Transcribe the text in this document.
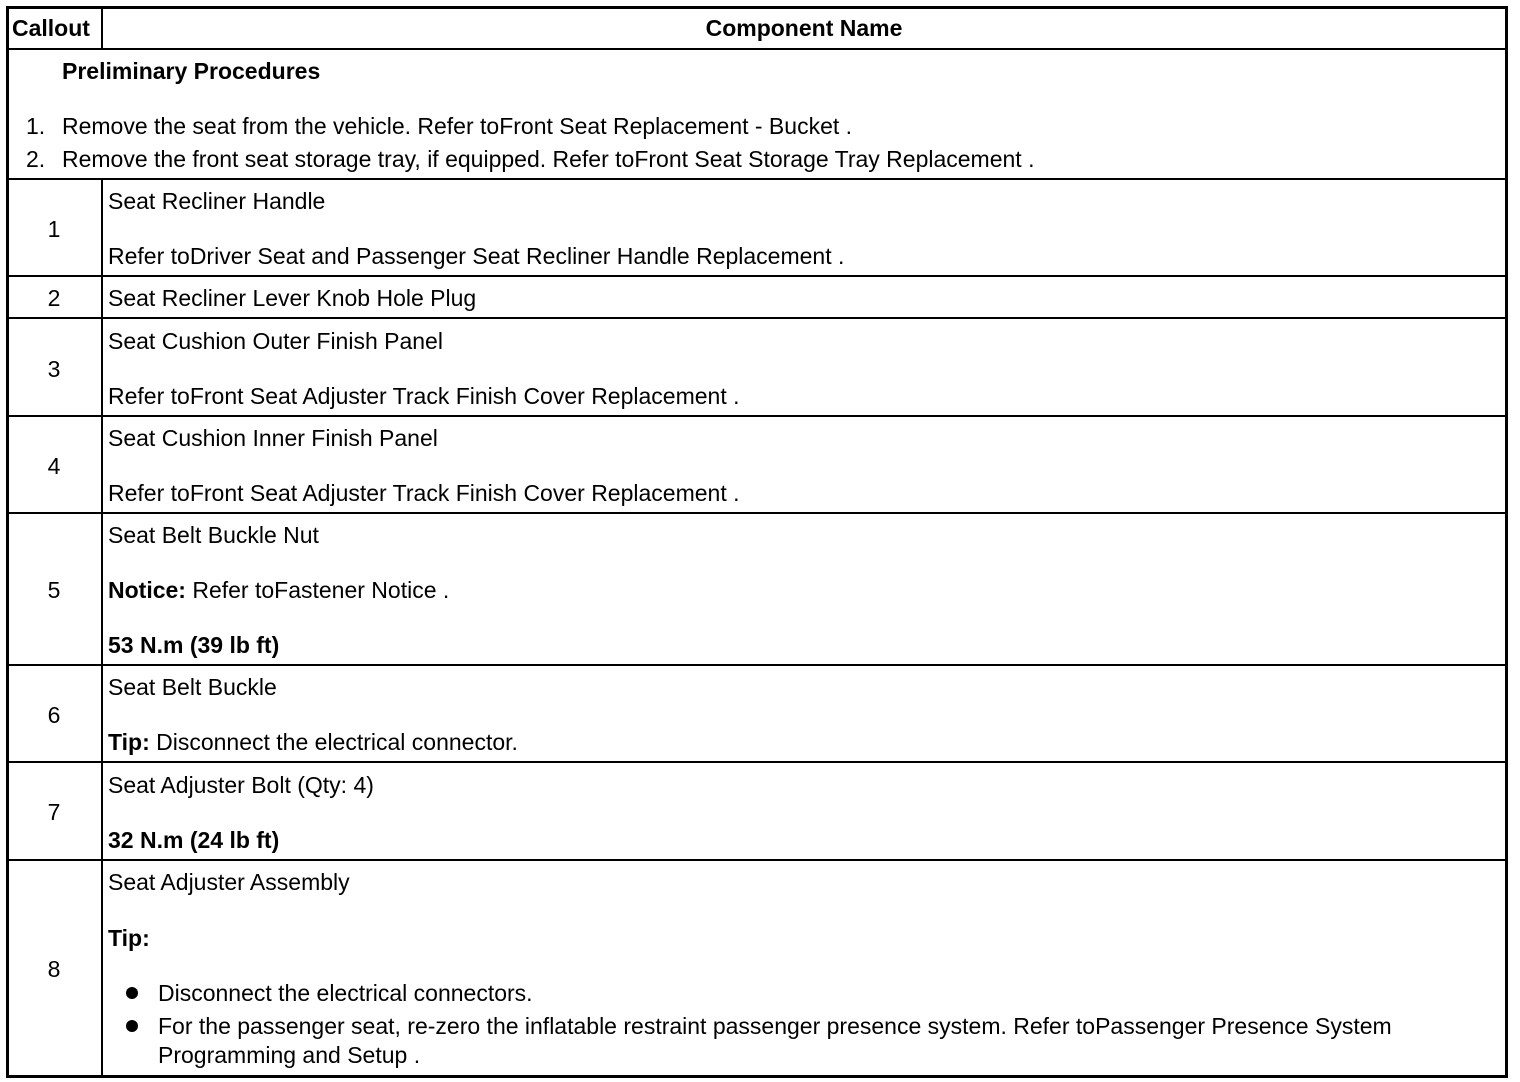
Callout	Component Name
Preliminary Procedures
1. Remove the seat from the vehicle. Refer toFront Seat Replacement - Bucket .
2. Remove the front seat storage tray, if equipped. Refer toFront Seat Storage Tray Replacement .
1
Seat Recliner Handle
Refer toDriver Seat and Passenger Seat Recliner Handle Replacement .
2	Seat Recliner Lever Knob Hole Plug
3
Seat Cushion Outer Finish Panel
Refer toFront Seat Adjuster Track Finish Cover Replacement .
4
Seat Cushion Inner Finish Panel
Refer toFront Seat Adjuster Track Finish Cover Replacement .
5
Seat Belt Buckle Nut
Notice: Refer toFastener Notice .
53 N.m (39 lb ft)
6
Seat Belt Buckle
Tip: Disconnect the electrical connector.
7
Seat Adjuster Bolt (Qty: 4)
32 N.m (24 lb ft)
8
Seat Adjuster Assembly
Tip:
Disconnect the electrical connectors.
For the passenger seat, re-zero the inflatable restraint passenger presence system. Refer toPassenger Presence System
Programming and Setup .
